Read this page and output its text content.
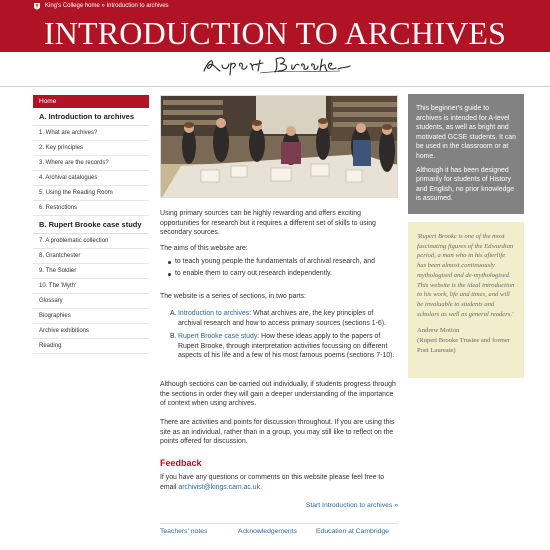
King's College home » Introduction to archives
INTRODUCTION TO ARCHIVES
Home
A. Introduction to archives
1. What are archives?
2. Key principles
3. Where are the records?
4. Archival catalogues
5. Using the Reading Room
6. Restrictions
B. Rupert Brooke case study
7. A problematic collection
8. Grantchester
9. The Soldier
10. The 'Myth'
Glossary
Biographies
Archive exhibitions
Reading

Using primary sources can be highly rewarding and offers exciting opportunities for research but it requires a different set of skills to using secondary sources.

The aims of this website are:

to teach young people the fundamentals of archival research, and
to enable them to carry out research independently.

The website is a series of sections, in two parts:

A. Introduction to archives: What archives are, the key principles of archival research and how to access primary sources (sections 1-6).
B. Rupert Brooke case study: How these ideas apply to the papers of Rupert Brooke, through interpretation activities focussing on different aspects of his life and a few of his most famous poems (sections 7-10).

Although sections can be carried out individually, if students progress through the sections in order they will gain a deeper understanding of the importance of context when using archives.

There are activities and points for discussion throughout. If you are using this site as an individual, rather than in a group, you may still like to reflect on the points offered for discussion.

Feedback

If you have any questions or comments on this website please feel free to email archivist@kings.cam.ac.uk.

Start Introduction to archives »
Teachers' notes	Acknowledgements	Education at Cambridge

This beginner's guide to archives is intended for A-level students, as well as bright and motivated GCSE students. It can be used in the classroom or at home.

Although it has been designed primarily for students of History and English, no prior knowledge is assumed.

'Rupert Brooke is one of the most fascinating figures of the Edwardian period, a man who in his afterlife has been almost continuously mythologised and de-mythologised. This website is the ideal introduction to his work, life and times, and will be invaluable to students and scholars as well as general readers.'
Andrew Motion
(Rupert Brooke Trustee and former Poet Laureate)
